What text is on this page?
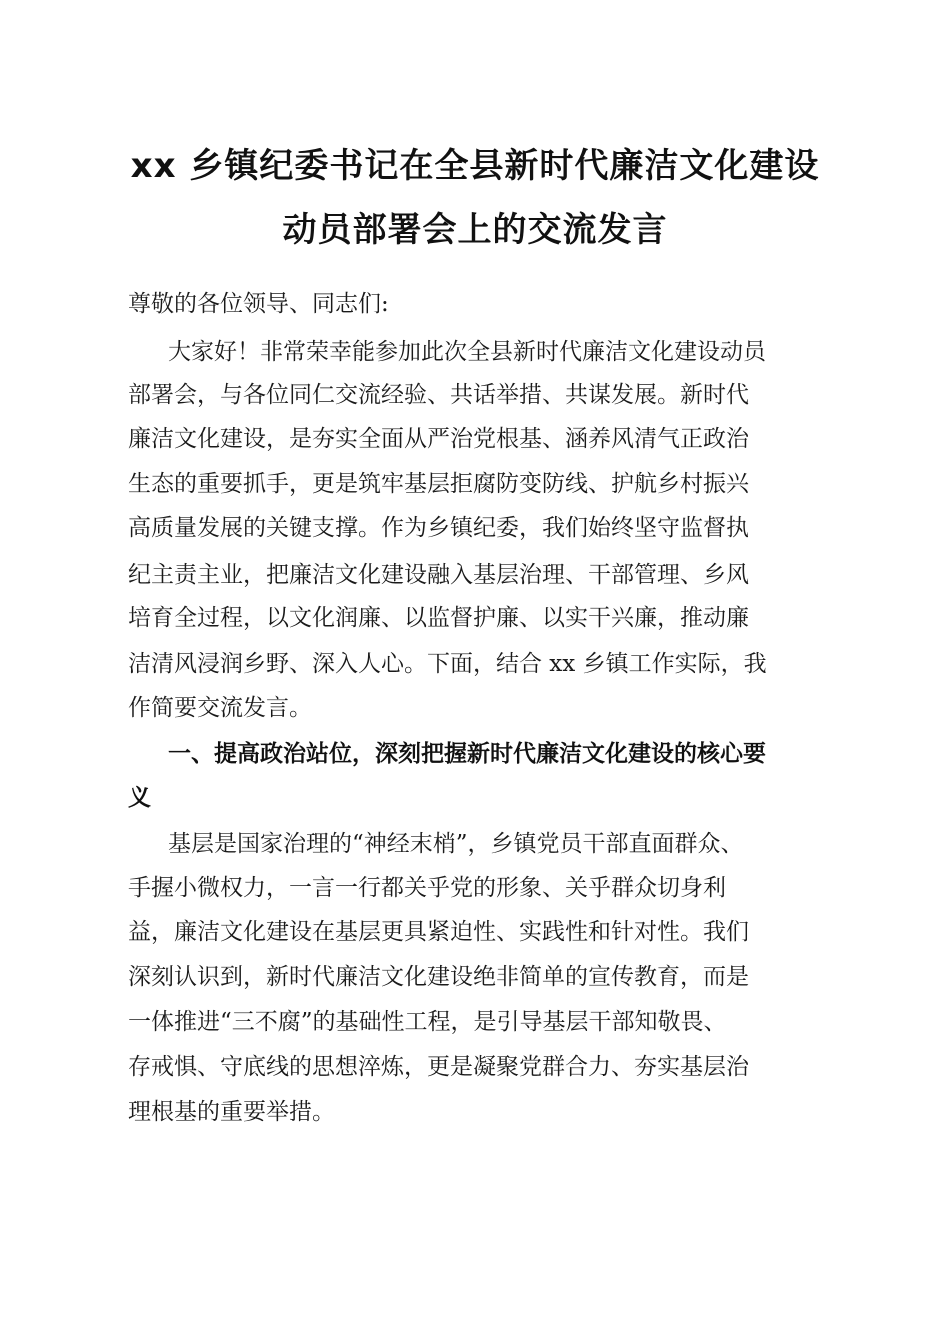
xx 乡镇纪委书记在全县新时代廉洁文化建设
动员部署会上的交流发言
尊敬的各位领导、同志们:
大家好！非常荣幸能参加此次全县新时代廉洁文化建设动员
部署会，与各位同仁交流经验、共话举措、共谋发展。新时代
廉洁文化建设，是夯实全面从严治党根基、涵养风清气正政治
生态的重要抓手，更是筑牢基层拒腐防变防线、护航乡村振兴
高质量发展的关键支撑。作为乡镇纪委，我们始终坚守监督执
纪主责主业，把廉洁文化建设融入基层治理、干部管理、乡风
培育全过程，以文化润廉、以监督护廉、以实干兴廉，推动廉
洁清风浸润乡野、深入人心。下面，结合 xx 乡镇工作实际，我
作简要交流发言。
一、提高政治站位，深刻把握新时代廉洁文化建设的核心要
义
基层是国家治理的“神经末梢”，乡镇党员干部直面群众、
手握小微权力，一言一行都关乎党的形象、关乎群众切身利
益，廉洁文化建设在基层更具紧迫性、实践性和针对性。我们
深刻认识到，新时代廉洁文化建设绝非简单的宣传教育，而是
一体推进“三不腐”的基础性工程，是引导基层干部知敬畏、
存戒惧、守底线的思想淬炼，更是凝聚党群合力、夯实基层治
理根基的重要举措。
